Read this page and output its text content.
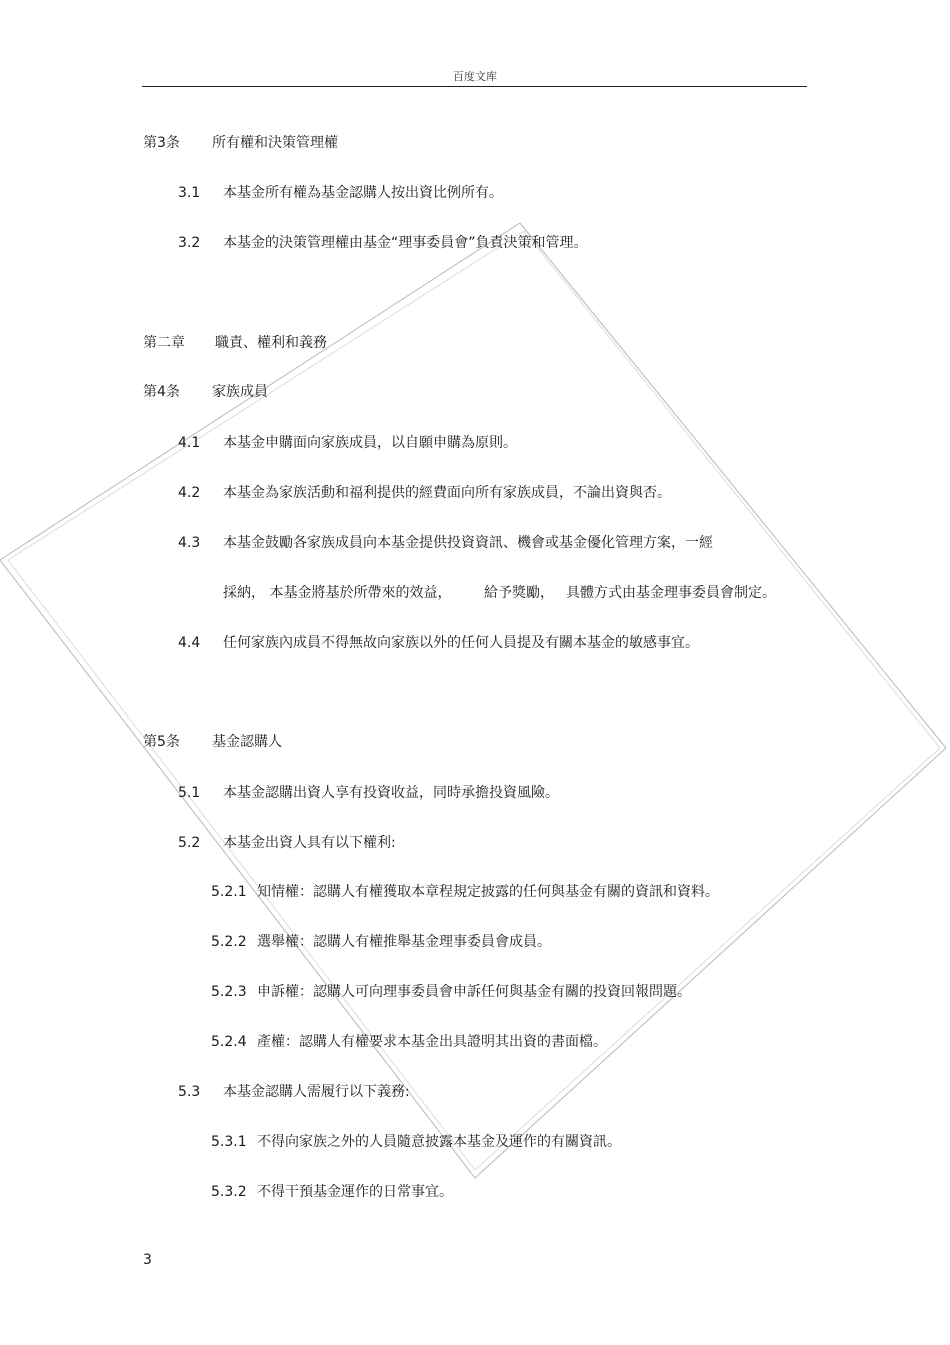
百度文库
第3条 所有權和決策管理權
3.1 本基金所有權為基金認購人按出資比例所有。
3.2 本基金的決策管理權由基金“理事委員會”負責決策和管理。
第二章 職責、權利和義務
第4条 家族成員
4.1 本基金申購面向家族成員，以自願申購為原則。
4.2 本基金為家族活動和福利提供的經費面向所有家族成員，不論出資與否。
4.3 本基金鼓勵各家族成員向本基金提供投資資訊、機會或基金優化管理方案，一經
採納， 本基金將基於所帶來的效益， 給予獎勵， 具體方式由基金理事委員會制定。
4.4 任何家族內成員不得無故向家族以外的任何人員提及有關本基金的敏感事宜。
第5条 基金認購人
5.1 本基金認購出資人享有投資收益，同時承擔投資風險。
5.2 本基金出資人具有以下權利:
5.2.1 知情權：認購人有權獲取本章程規定披露的任何與基金有關的資訊和資料。
5.2.2 選舉權：認購人有權推舉基金理事委員會成員。
5.2.3 申訴權：認購人可向理事委員會申訴任何與基金有關的投資回報問題。
5.2.4 產權：認購人有權要求本基金出具證明其出資的書面檔。
5.3 本基金認購人需履行以下義務:
5.3.1 不得向家族之外的人員隨意披露本基金及運作的有關資訊。
5.3.2 不得干預基金運作的日常事宜。
3
